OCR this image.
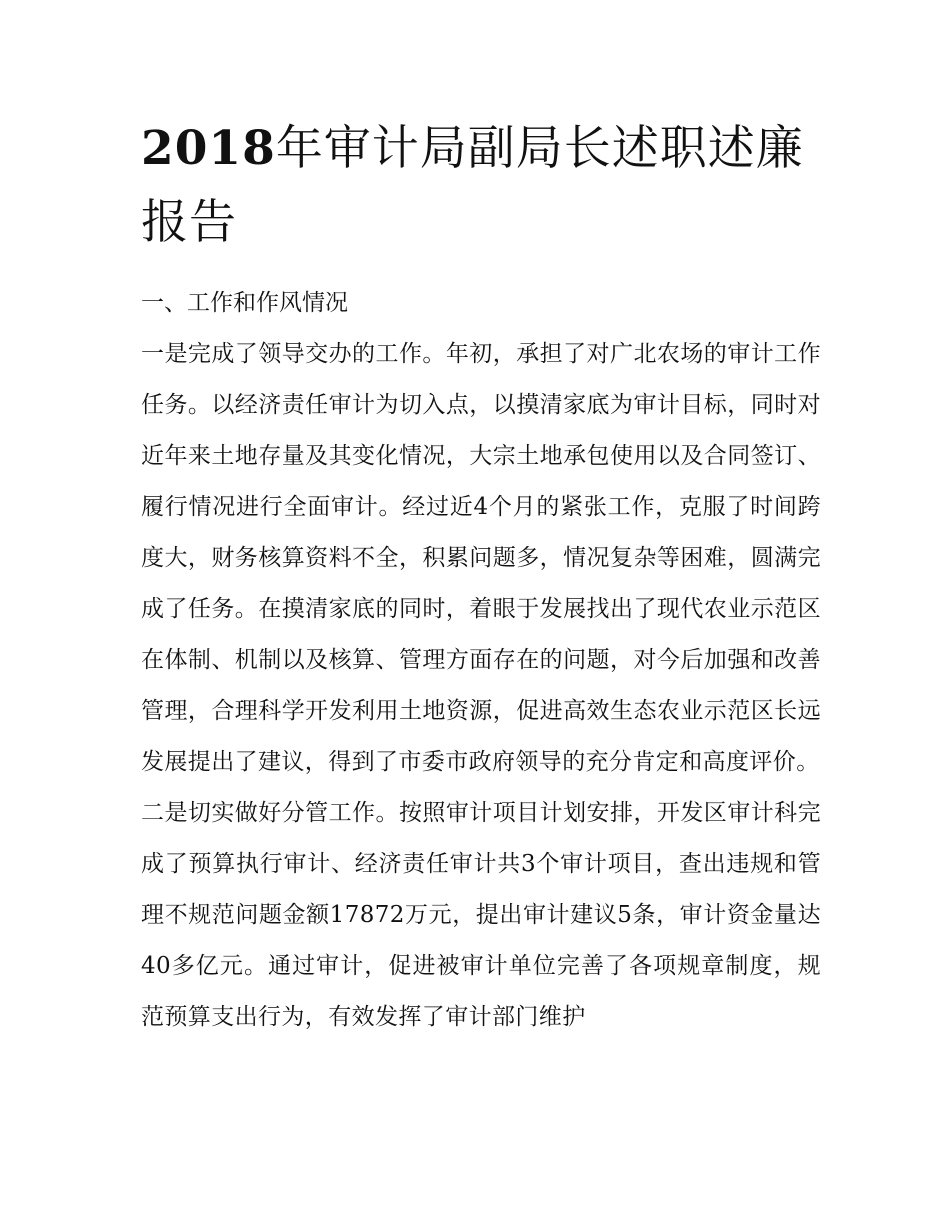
2018年审计局副局长述职述廉报告

一、工作和作风情况

一是完成了领导交办的工作。年初，承担了对广北农场的审计工作任务。以经济责任审计为切入点，以摸清家底为审计目标，同时对近年来土地存量及其变化情况，大宗土地承包使用以及合同签订、履行情况进行全面审计。经过近4个月的紧张工作，克服了时间跨度大，财务核算资料不全，积累问题多，情况复杂等困难，圆满完成了任务。在摸清家底的同时，着眼于发展找出了现代农业示范区在体制、机制以及核算、管理方面存在的问题，对今后加强和改善管理，合理科学开发利用土地资源，促进高效生态农业示范区长远发展提出了建议，得到了市委市政府领导的充分肯定和高度评价。

二是切实做好分管工作。按照审计项目计划安排，开发区审计科完成了预算执行审计、经济责任审计共3个审计项目，查出违规和管理不规范问题金额17872万元，提出审计建议5条，审计资金量达40多亿元。通过审计，促进被审计单位完善了各项规章制度，规范预算支出行为，有效发挥了审计部门维护
